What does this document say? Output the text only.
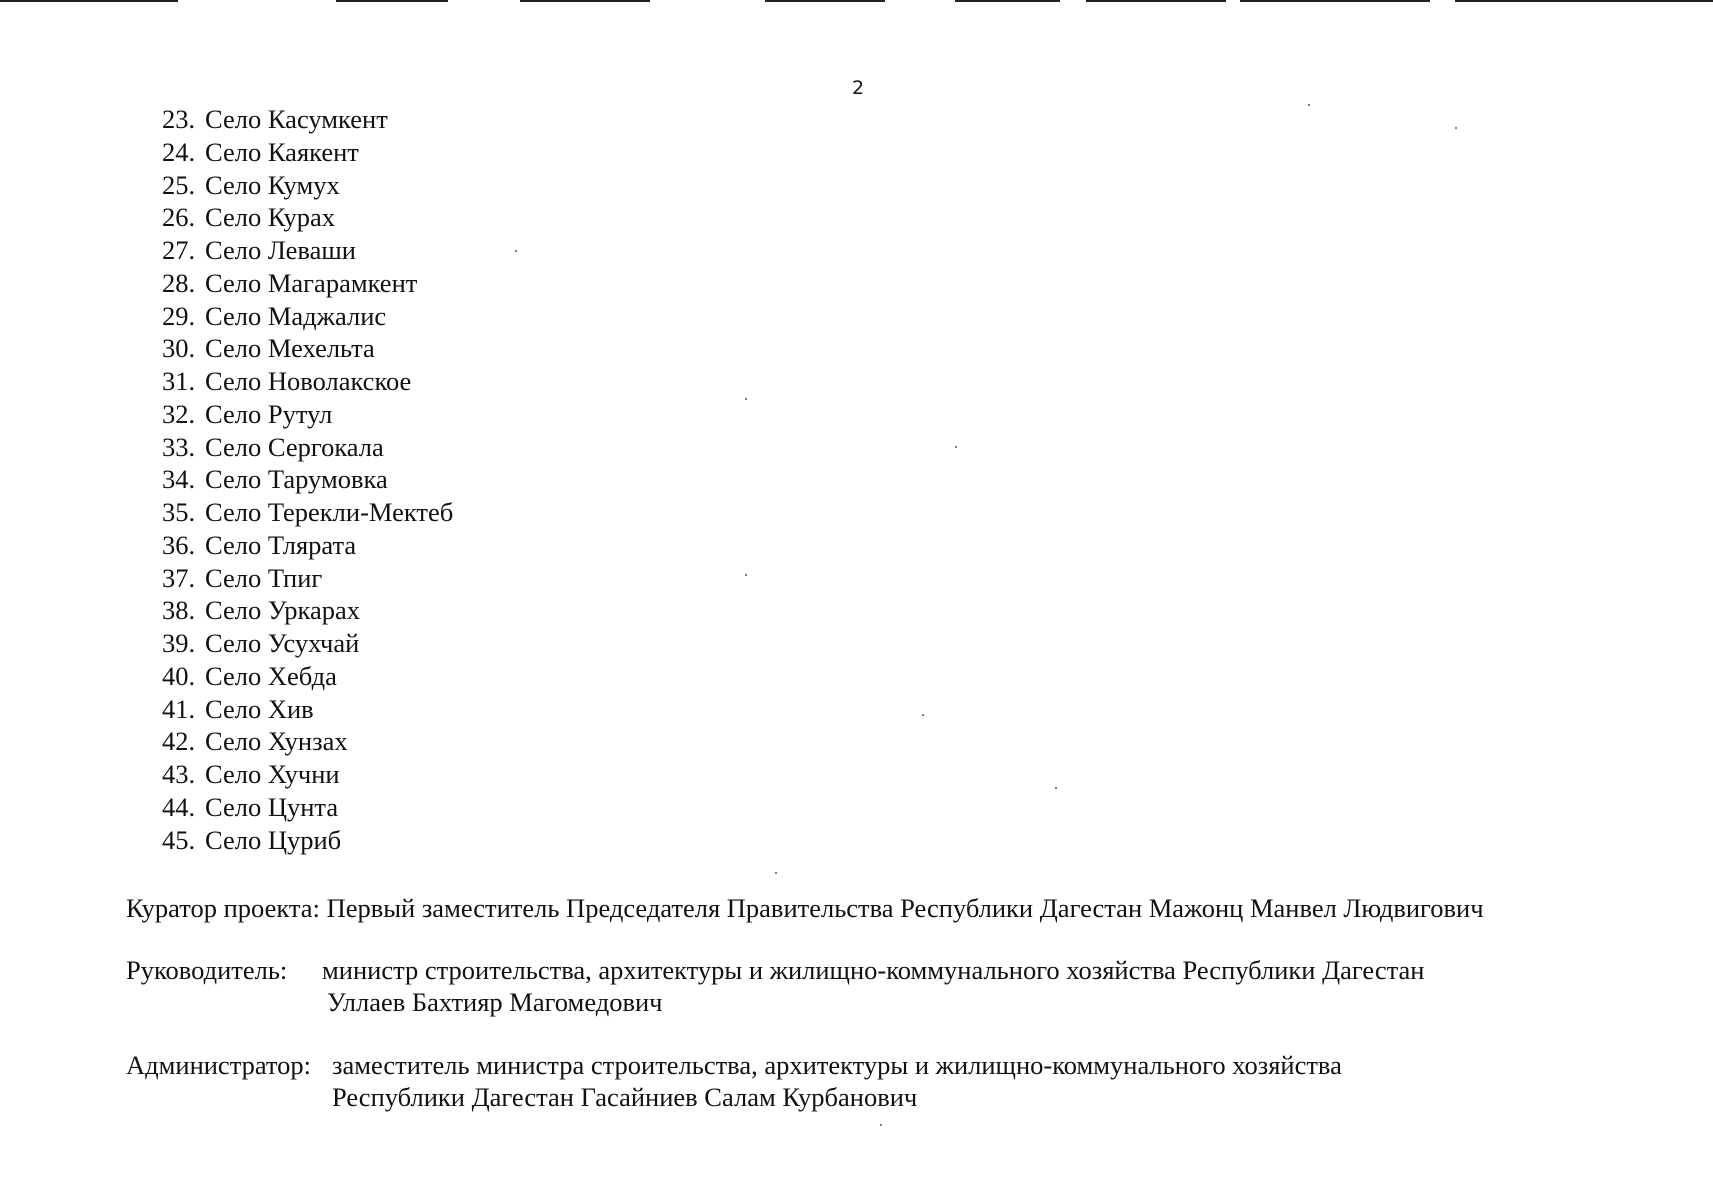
2
23. Село Касумкент
24. Село Каякент
25. Село Кумух
26. Село Курах
27. Село Леваши
28. Село Магарамкент
29. Село Маджалис
30. Село Мехельта
31. Село Новолакское
32. Село Рутул
33. Село Сергокала
34. Село Тарумовка
35. Село Терекли-Мектеб
36. Село Тлярата
37. Село Тпиг
38. Село Уркарах
39. Село Усухчай
40. Село Хебда
41. Село Хив
42. Село Хунзах
43. Село Хучни
44. Село Цунта
45. Село Цуриб
Куратор проекта: Первый заместитель Председателя Правительства Республики Дагестан Мажонц Манвел Людвигович
Руководитель: министр строительства, архитектуры и жилищно-коммунального хозяйства Республики Дагестан
Уллаев Бахтияр Магомедович
Администратор: заместитель министра строительства, архитектуры и жилищно-коммунального хозяйства
Республики Дагестан Гасайниев Салам Курбанович
